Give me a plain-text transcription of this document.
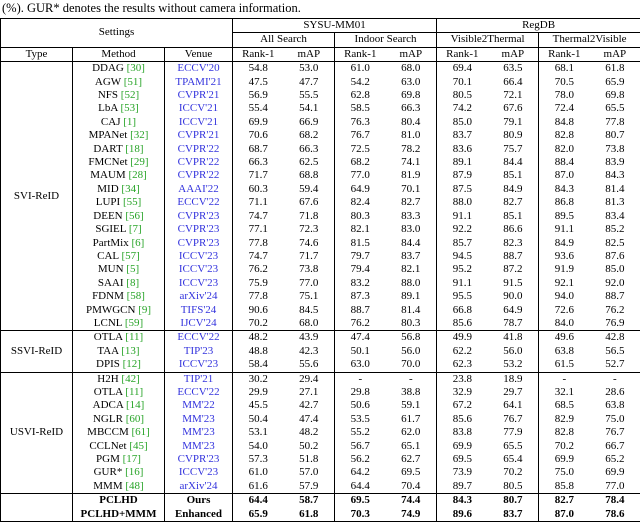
(%). GUR* denotes the results without camera information.
Settings			SYSU-MM01				RegDB			
			All Search		Indoor Search		Visible2Thermal		Thermal2Visible	
Type	Method	Venue	Rank-1	mAP	Rank-1	mAP	Rank-1	mAP	Rank-1	mAP
SVI-ReID	DDAG [30]	ECCV'20	54.8	53.0	61.0	68.0	69.4	63.5	68.1	61.8
	AGW [51]	TPAMI'21	47.5	47.7	54.2	63.0	70.1	66.4	70.5	65.9
	NFS [52]	CVPR'21	56.9	55.5	62.8	69.8	80.5	72.1	78.0	69.8
	LbA [53]	ICCV'21	55.4	54.1	58.5	66.3	74.2	67.6	72.4	65.5
	CAJ [1]	ICCV'21	69.9	66.9	76.3	80.4	85.0	79.1	84.8	77.8
	MPANet [32]	CVPR'21	70.6	68.2	76.7	81.0	83.7	80.9	82.8	80.7
	DART [18]	CVPR'22	68.7	66.3	72.5	78.2	83.6	75.7	82.0	73.8
	FMCNet [29]	CVPR'22	66.3	62.5	68.2	74.1	89.1	84.4	88.4	83.9
	MAUM [28]	CVPR'22	71.7	68.8	77.0	81.9	87.9	85.1	87.0	84.3
	MID [34]	AAAI'22	60.3	59.4	64.9	70.1	87.5	84.9	84.3	81.4
	LUPI [55]	ECCV'22	71.1	67.6	82.4	82.7	88.0	82.7	86.8	81.3
	DEEN [56]	CVPR'23	74.7	71.8	80.3	83.3	91.1	85.1	89.5	83.4
	SGIEL [7]	CVPR'23	77.1	72.3	82.1	83.0	92.2	86.6	91.1	85.2
	PartMix [6]	CVPR'23	77.8	74.6	81.5	84.4	85.7	82.3	84.9	82.5
	CAL [57]	ICCV'23	74.7	71.7	79.7	83.7	94.5	88.7	93.6	87.6
	MUN [5]	ICCV'23	76.2	73.8	79.4	82.1	95.2	87.2	91.9	85.0
	SAAI [8]	ICCV'23	75.9	77.0	83.2	88.0	91.1	91.5	92.1	92.0
	FDNM [58]	arXiv'24	77.8	75.1	87.3	89.1	95.5	90.0	94.0	88.7
	PMWGCN [9]	TIFS'24	90.6	84.5	88.7	81.4	66.8	64.9	72.6	76.2
	LCNL [59]	IJCV'24	70.2	68.0	76.2	80.3	85.6	78.7	84.0	76.9
SSVI-ReID	OTLA [11]	ECCV'22	48.2	43.9	47.4	56.8	49.9	41.8	49.6	42.8
	TAA [13]	TIP'23	48.8	42.3	50.1	56.0	62.2	56.0	63.8	56.5
	DPIS [12]	ICCV'23	58.4	55.6	63.0	70.0	62.3	53.2	61.5	52.7
USVI-ReID	H2H [42]	TIP'21	30.2	29.4	-	-	23.8	18.9	-	-
	OTLA [11]	ECCV'22	29.9	27.1	29.8	38.8	32.9	29.7	32.1	28.6
	ADCA [14]	MM'22	45.5	42.7	50.6	59.1	67.2	64.1	68.5	63.8
	NGLR [60]	MM'23	50.4	47.4	53.5	61.7	85.6	76.7	82.9	75.0
	MBCCM [61]	MM'23	53.1	48.2	55.2	62.0	83.8	77.9	82.8	76.7
	CCLNet [45]	MM'23	54.0	50.2	56.7	65.1	69.9	65.5	70.2	66.7
	PGM [17]	CVPR'23	57.3	51.8	56.2	62.7	69.5	65.4	69.9	65.2
	GUR* [16]	ICCV'23	61.0	57.0	64.2	69.5	73.9	70.2	75.0	69.9
	MMM [48]	arXiv'24	61.6	57.9	64.4	70.4	89.7	80.5	85.8	77.0
	PCLHD	Ours	64.4	58.7	69.5	74.4	84.3	80.7	82.7	78.4
	PCLHD+MMM	Enhanced	65.9	61.8	70.3	74.9	89.6	83.7	87.0	78.6
